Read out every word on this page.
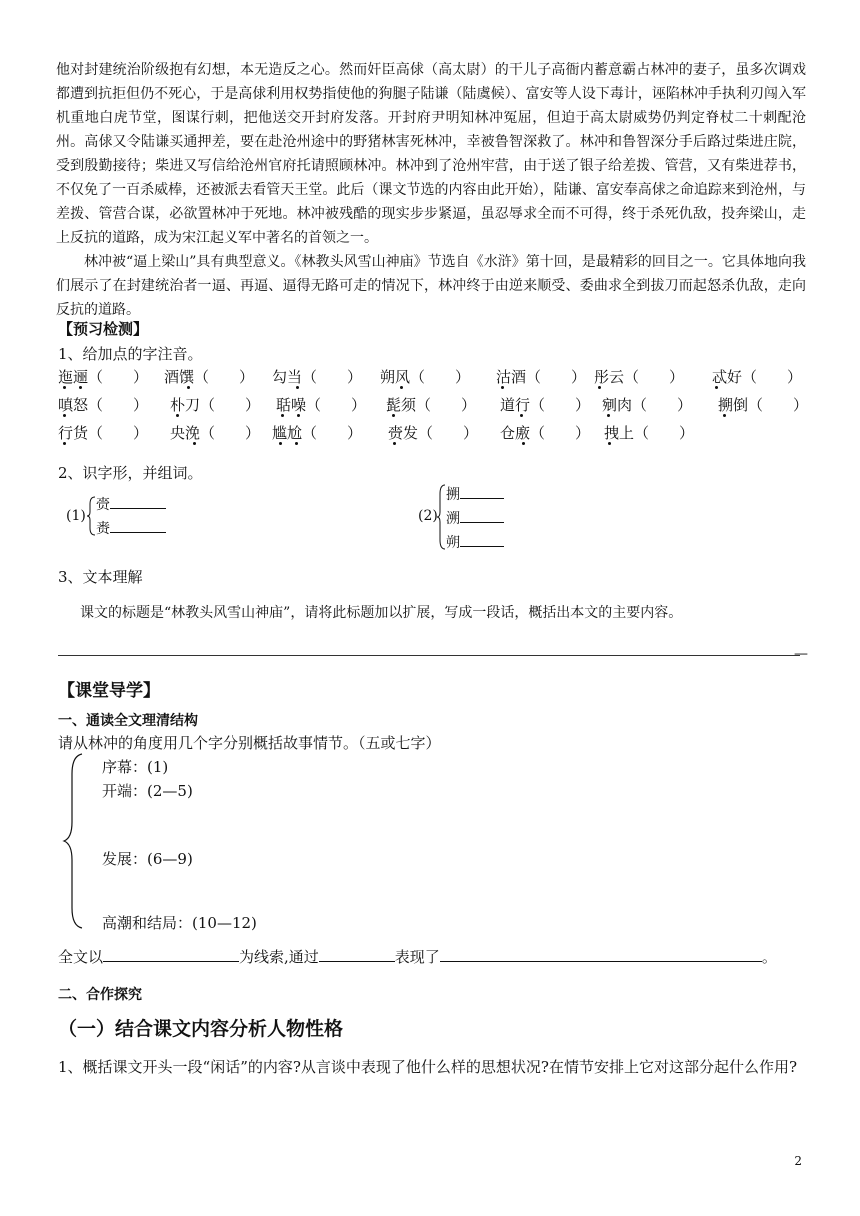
他对封建统治阶级抱有幻想，本无造反之心。然而奸臣高俅（高太尉）的干儿子高衙内蓄意霸占林冲的妻子，虽多次调戏都遭到抗拒但仍不死心，于是高俅利用权势指使他的狗腿子陆谦（陆虞候）、富安等人设下毒计，诬陷林冲手执利刃闯入军机重地白虎节堂，图谋行刺，把他送交开封府发落。开封府尹明知林冲冤屈，但迫于高太尉威势仍判定脊杖二十刺配沧州。高俅又令陆谦买通押差，要在赴沧州途中的野猪林害死林冲，幸被鲁智深救了。林冲和鲁智深分手后路过柴进庄院，受到殷勤接待；柴进又写信给沧州官府托请照顾林冲。林冲到了沧州牢营，由于送了银子给差拨、管营，又有柴进荐书，不仅免了一百杀威棒，还被派去看管天王堂。此后（课文节选的内容由此开始），陆谦、富安奉高俅之命追踪来到沧州，与差拨、管营合谋，必欲置林冲于死地。林冲被残酷的现实步步紧逼，虽忍辱求全而不可得，终于杀死仇敌，投奔梁山，走上反抗的道路，成为宋江起义军中著名的首领之一。

林冲被“逼上梁山”具有典型意义。《林教头风雪山神庙》节选自《水浒》第十回，是最精彩的回目之一。它具体地向我们展示了在封建统治者一逼、再逼、逼得无路可走的情况下，林冲终于由逆来顺受、委曲求全到拔刀而起怒杀仇敌，走向反抗的道路。

【预习检测】
1、给加点的字注音。
迤逦（　　） 酒馔（　　） 勾当（　　） 朔风（　　） 沽酒（　　） 彤云（　　） 忒好（　　）
嗔怒（　　） 朴刀（　　） 聒噪（　　） 髭须（　　） 道行（　　） 剜肉（　　） 搠倒（　　）
行货（　　） 央浼（　　） 尴尬（　　） 赍发（　　） 仓廒（　　） 拽上（　　）
2、识字形，并组词。
(1)
赍
赉
(2)
搠
溯
朔
3、文本理解
课文的标题是“林教头风雪山神庙”，请将此标题加以扩展，写成一段话，概括出本文的主要内容。
—
【课堂导学】
一、通读全文理清结构
请从林冲的角度用几个字分别概括故事情节。（五或七字）
序幕：(1)
开端：(2—5)
发展：(6—9)
高潮和结局：(10—12)
全文以	为线索,通过	表现了	。
二、合作探究
（一）结合课文内容分析人物性格
1、概括课文开头一段“闲话”的内容?从言谈中表现了他什么样的思想状况?在情节安排上它对这部分起什么作用?
2
